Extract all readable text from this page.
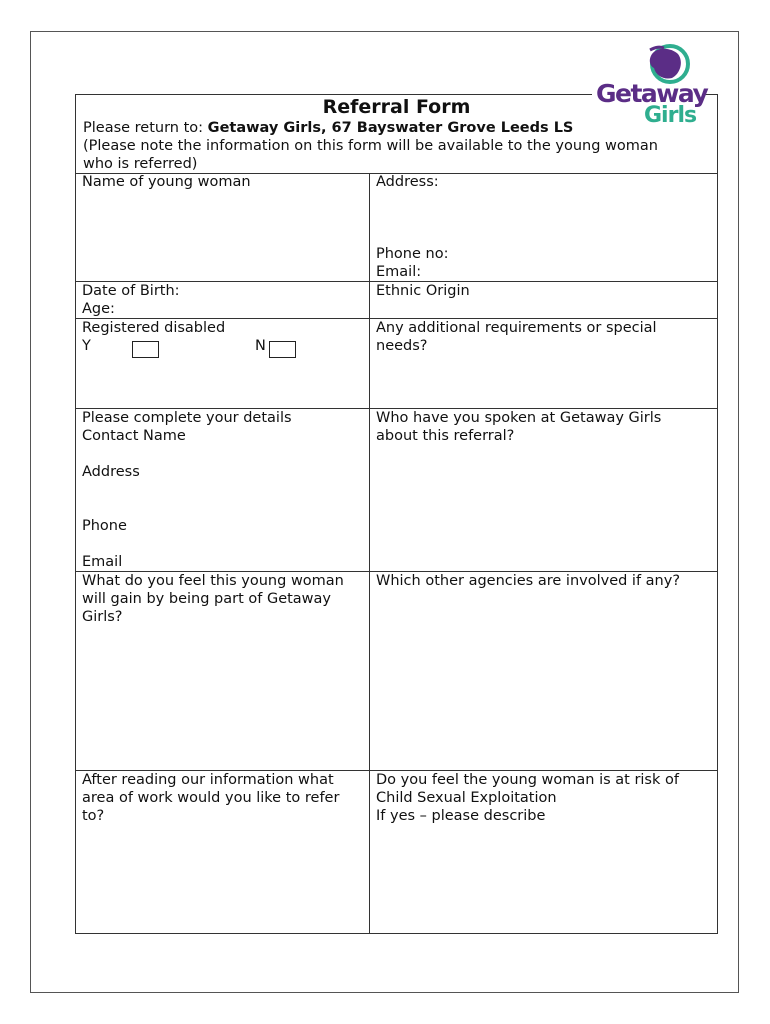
Referral Form
Please return to: Getaway Girls, 67 Bayswater Grove Leeds LS
(Please note the information on this form will be available to the young woman
who is referred)
Name of young woman	Address:
Phone no:
Email:
Date of Birth:
Age:
Ethnic Origin
Registered disabled
Y	N
Any additional requirements or special
needs?
Please complete your details
Contact Name
Address
Phone
Email
Who have you spoken at Getaway Girls
about this referral?
What do you feel this young woman
will gain by being part of Getaway
Girls?
Which other agencies are involved if any?
After reading our information what
area of work would you like to refer
to?
Do you feel the young woman is at risk of
Child Sexual Exploitation
If yes – please describe
Getaway
Girls
